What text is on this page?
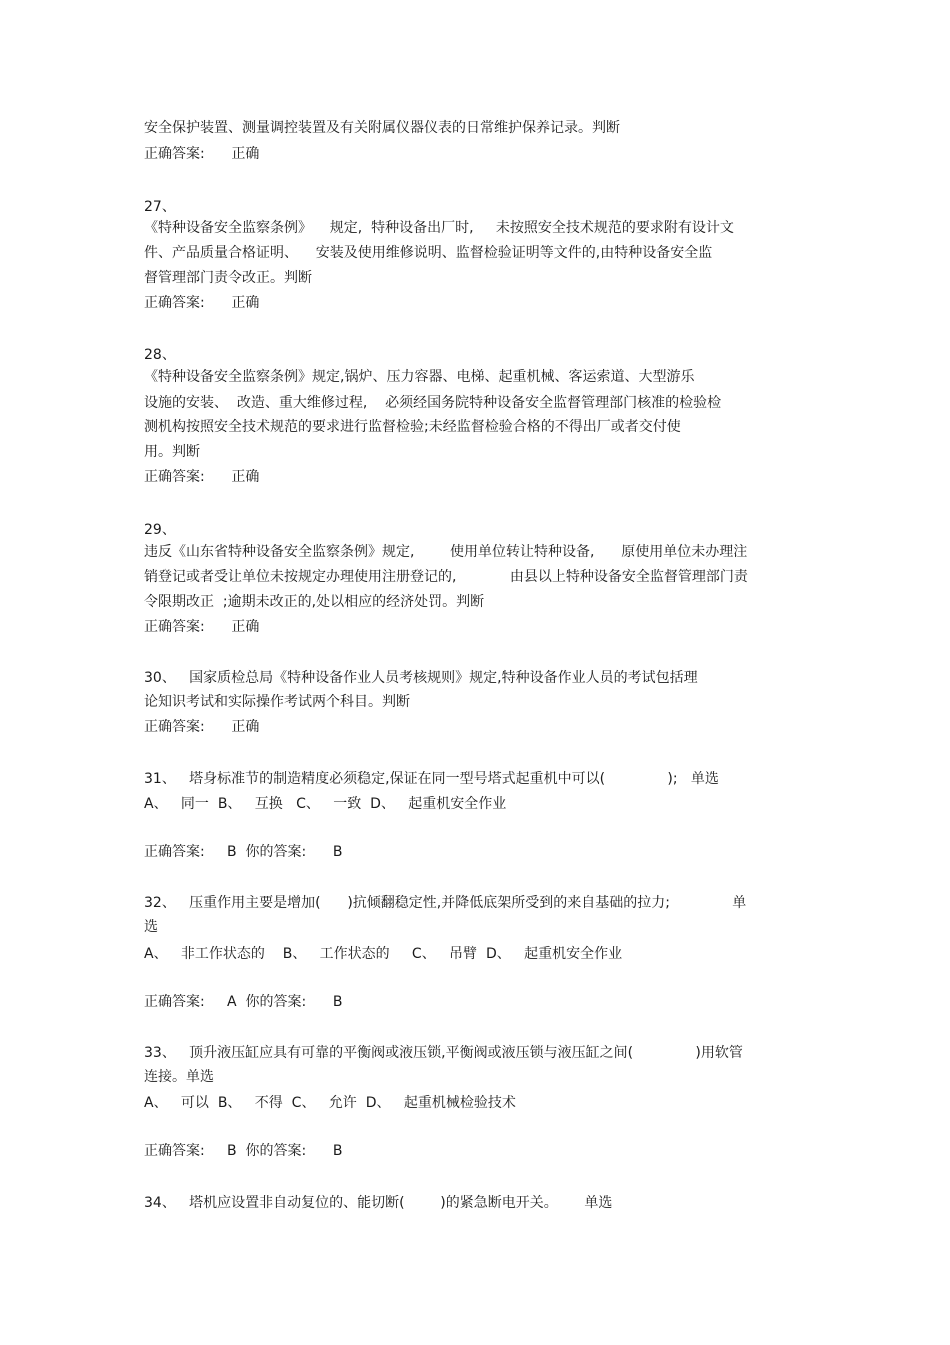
安全保护装置、测量调控装置及有关附属仪器仪表的日常维护保养记录。判断
正确答案:      正确
27、
《特种设备安全监察条例》    规定,  特种设备出厂时,     未按照安全技术规范的要求附有设计文
件、产品质量合格证明、    安装及使用维修说明、监督检验证明等文件的,由特种设备安全监
督管理部门责令改正。判断
正确答案:      正确
28、
《特种设备安全监察条例》规定,锅炉、压力容器、电梯、起重机械、客运索道、大型游乐
设施的安装、  改造、重大维修过程,    必须经国务院特种设备安全监督管理部门核准的检验检
测机构按照安全技术规范的要求进行监督检验;未经监督检验合格的不得出厂或者交付使
用。判断
正确答案:      正确
29、
违反《山东省特种设备安全监察条例》规定,        使用单位转让特种设备,      原使用单位未办理注
销登记或者受让单位未按规定办理使用注册登记的,            由县以上特种设备安全监督管理部门责
令限期改正  ;逾期未改正的,处以相应的经济处罚。判断
正确答案:      正确
30、   国家质检总局《特种设备作业人员考核规则》规定,特种设备作业人员的考试包括理
论知识考试和实际操作考试两个科目。判断
正确答案:      正确
31、   塔身标准节的制造精度必须稳定,保证在同一型号塔式起重机中可以(              );   单选
A、   同一  B、   互换   C、   一致  D、   起重机安全作业
正确答案:     B  你的答案:      B
32、   压重作用主要是增加(      )抗倾翻稳定性,并降低底架所受到的来自基础的拉力;              单
选
A、   非工作状态的    B、   工作状态的     C、   吊臂  D、   起重机安全作业
正确答案:     A  你的答案:      B
33、   顶升液压缸应具有可靠的平衡阀或液压锁,平衡阀或液压锁与液压缸之间(              )用软管
连接。单选
A、   可以  B、   不得  C、   允许  D、   起重机械检验技术
正确答案:     B  你的答案:      B
34、   塔机应设置非自动复位的、能切断(        )的紧急断电开关。      单选
